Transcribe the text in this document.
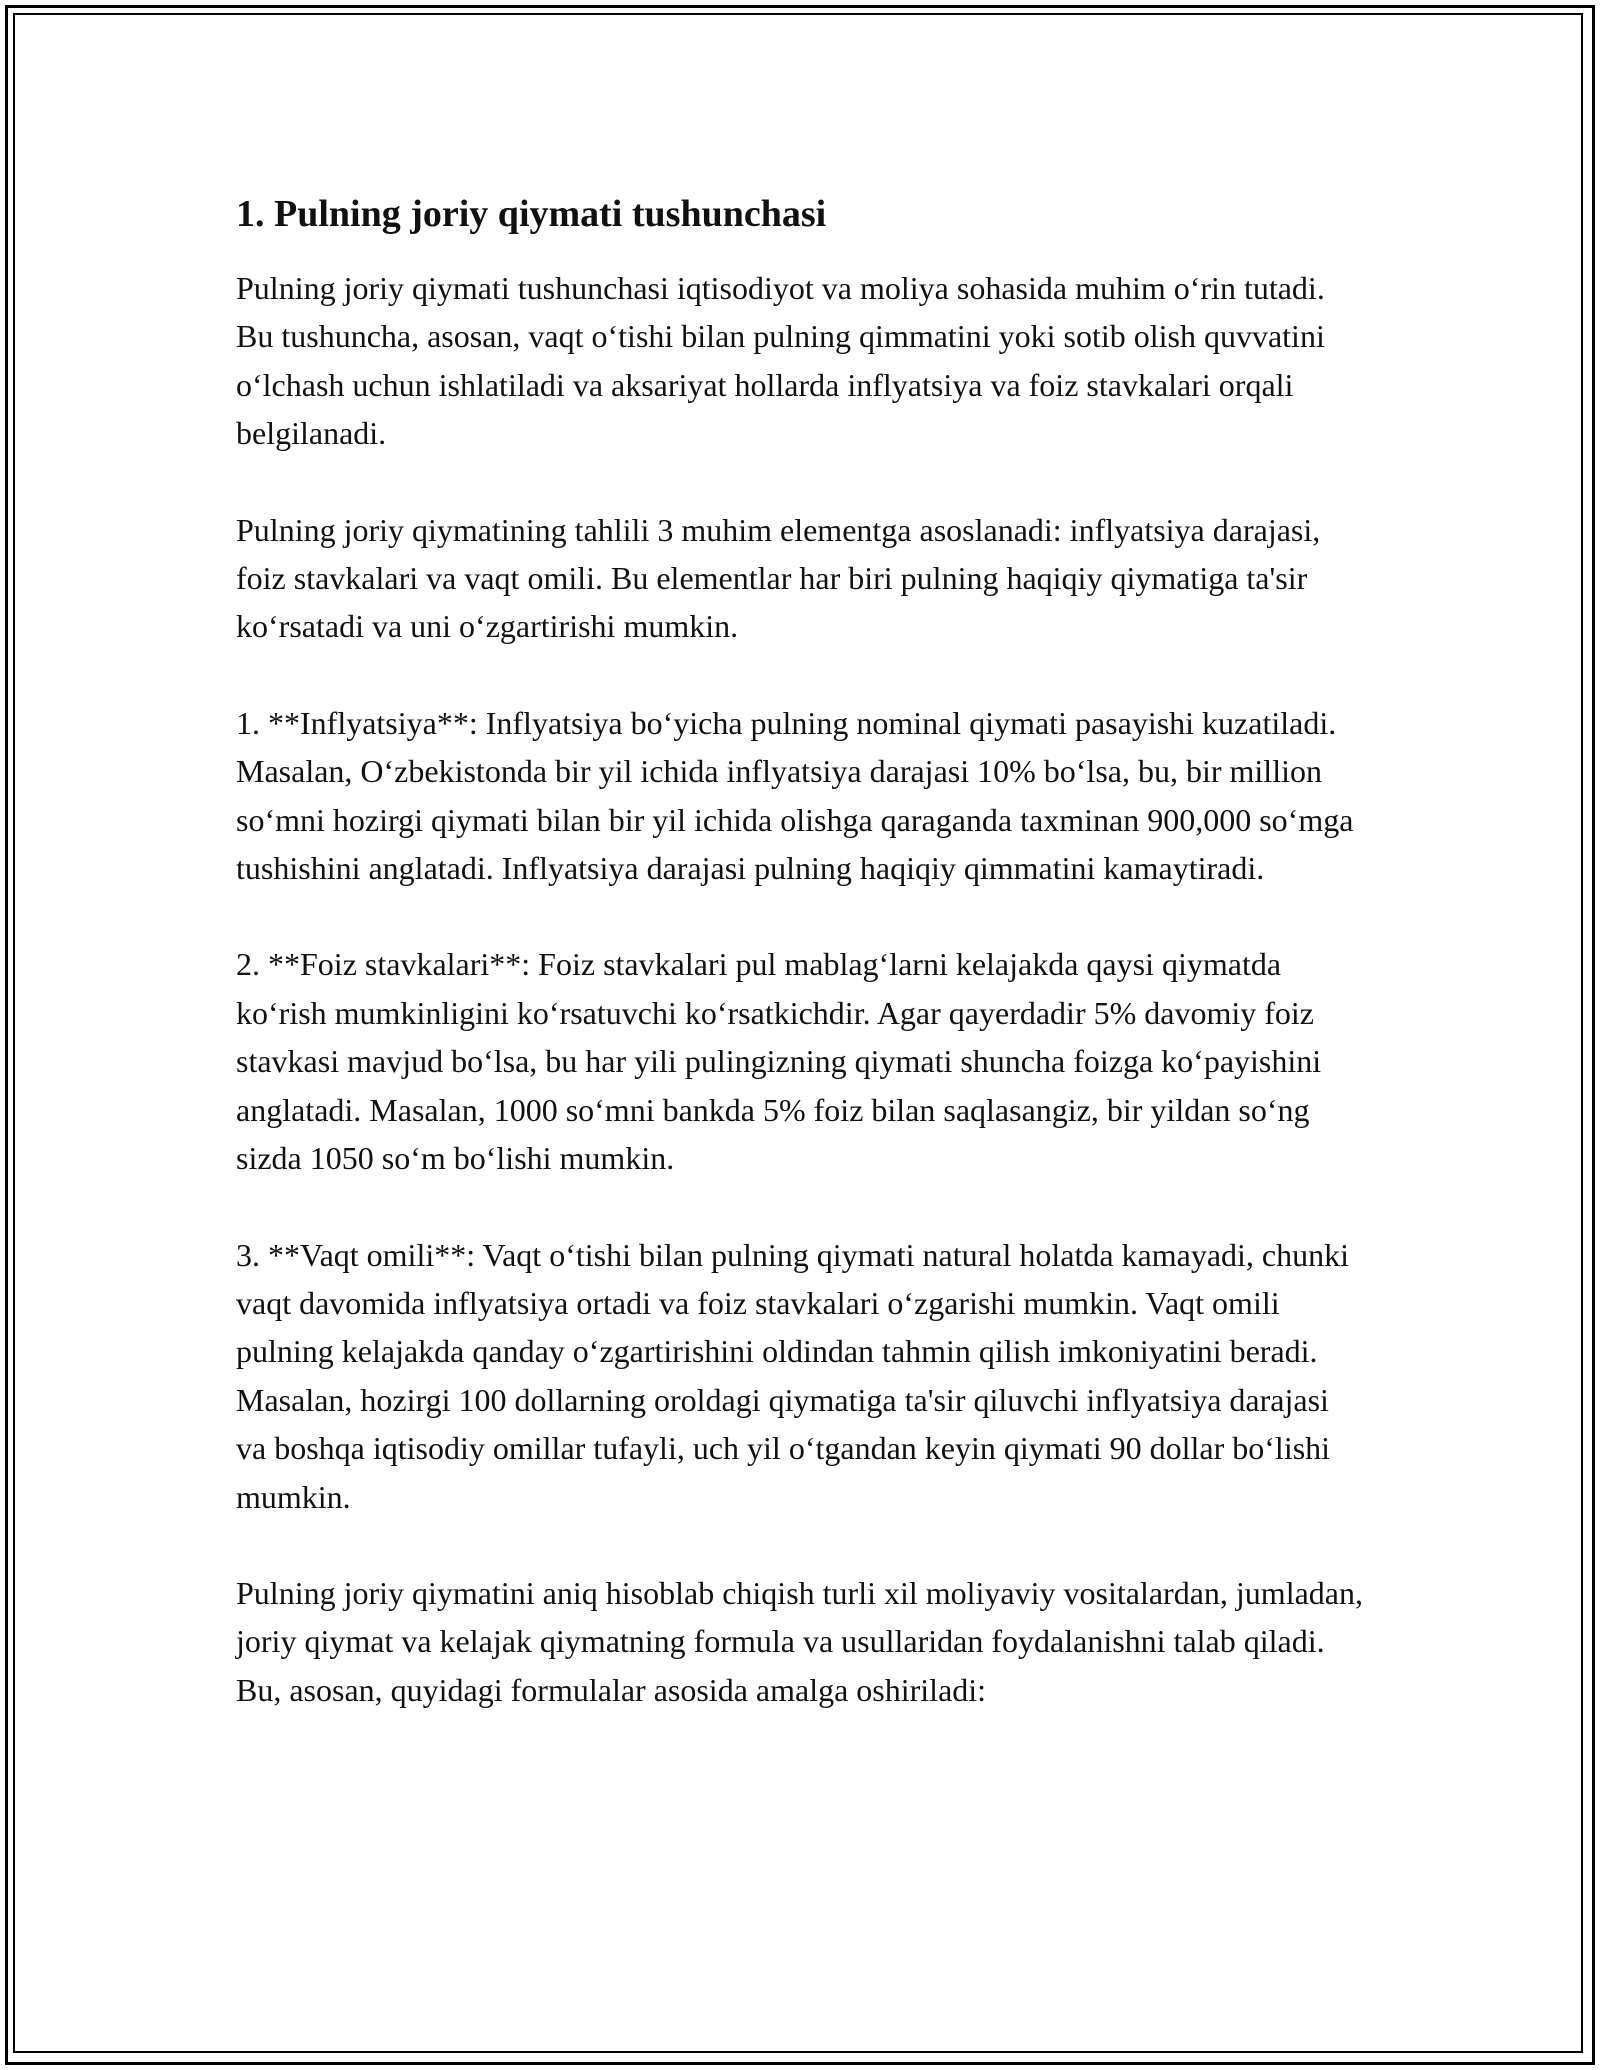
1. Pulning joriy qiymati tushunchasi

Pulning joriy qiymati tushunchasi iqtisodiyot va moliya sohasida muhim o‘rin tutadi. Bu tushuncha, asosan, vaqt o‘tishi bilan pulning qimmatini yoki sotib olish quvvatini o‘lchash uchun ishlatiladi va aksariyat hollarda inflyatsiya va foiz stavkalari orqali belgilanadi.

Pulning joriy qiymatining tahlili 3 muhim elementga asoslanadi: inflyatsiya darajasi, foiz stavkalari va vaqt omili. Bu elementlar har biri pulning haqiqiy qiymatiga ta'sir ko‘rsatadi va uni o‘zgartirishi mumkin.

1. **Inflyatsiya**: Inflyatsiya bo‘yicha pulning nominal qiymati pasayishi kuzatiladi. Masalan, O‘zbekistonda bir yil ichida inflyatsiya darajasi 10% bo‘lsa, bu, bir million so‘mni hozirgi qiymati bilan bir yil ichida olishga qaraganda taxminan 900,000 so‘mga tushishini anglatadi. Inflyatsiya darajasi pulning haqiqiy qimmatini kamaytiradi.

2. **Foiz stavkalari**: Foiz stavkalari pul mablag‘larni kelajakda qaysi qiymatda ko‘rish mumkinligini ko‘rsatuvchi ko‘rsatkichdir. Agar qayerdadir 5% davomiy foiz stavkasi mavjud bo‘lsa, bu har yili pulingizning qiymati shuncha foizga ko‘payishini anglatadi. Masalan, 1000 so‘mni bankda 5% foiz bilan saqlasangiz, bir yildan so‘ng sizda 1050 so‘m bo‘lishi mumkin.

3. **Vaqt omili**: Vaqt o‘tishi bilan pulning qiymati natural holatda kamayadi, chunki vaqt davomida inflyatsiya ortadi va foiz stavkalari o‘zgarishi mumkin. Vaqt omili pulning kelajakda qanday o‘zgartirishini oldindan tahmin qilish imkoniyatini beradi. Masalan, hozirgi 100 dollarning oroldagi qiymatiga ta'sir qiluvchi inflyatsiya darajasi va boshqa iqtisodiy omillar tufayli, uch yil o‘tgandan keyin qiymati 90 dollar bo‘lishi mumkin.

Pulning joriy qiymatini aniq hisoblab chiqish turli xil moliyaviy vositalardan, jumladan, joriy qiymat va kelajak qiymatning formula va usullaridan foydalanishni talab qiladi. Bu, asosan, quyidagi formulalar asosida amalga oshiriladi:
